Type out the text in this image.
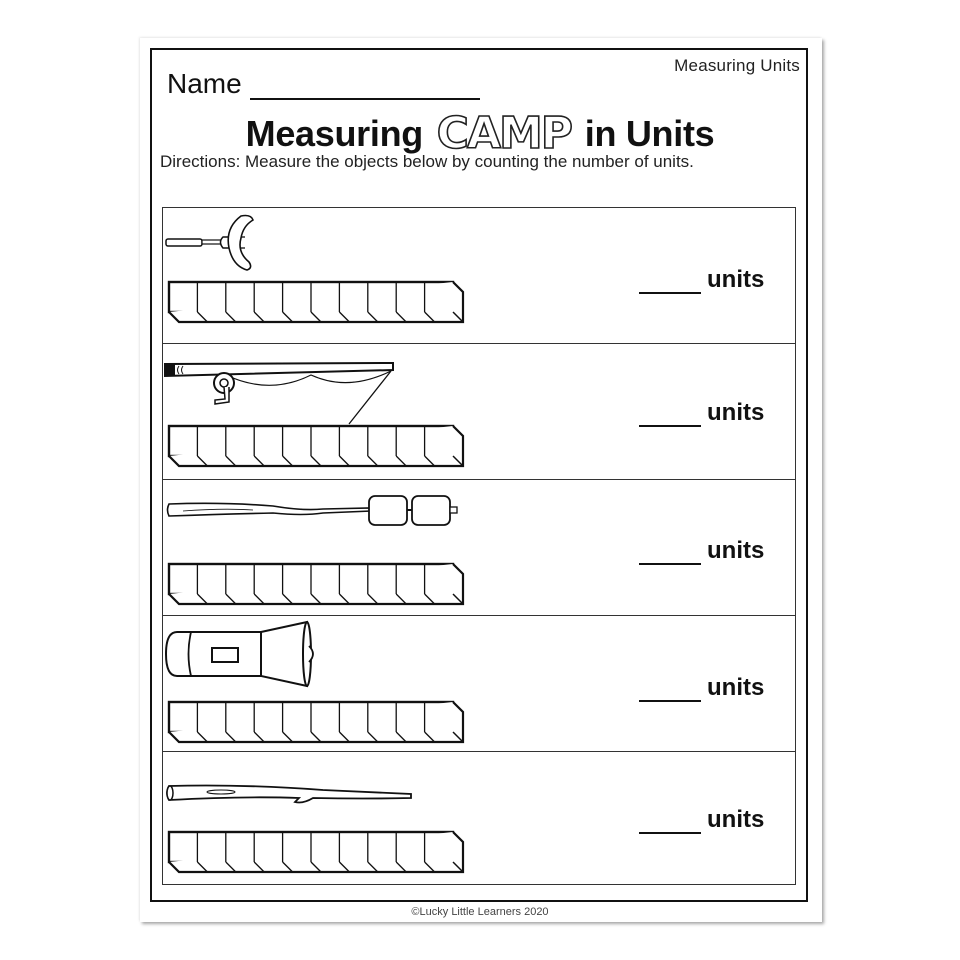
Measuring Units
Name
Measuring CAMP in Units
Directions: Measure the objects below by counting the number of units.
units
units
units
units
units
©Lucky Little Learners 2020
